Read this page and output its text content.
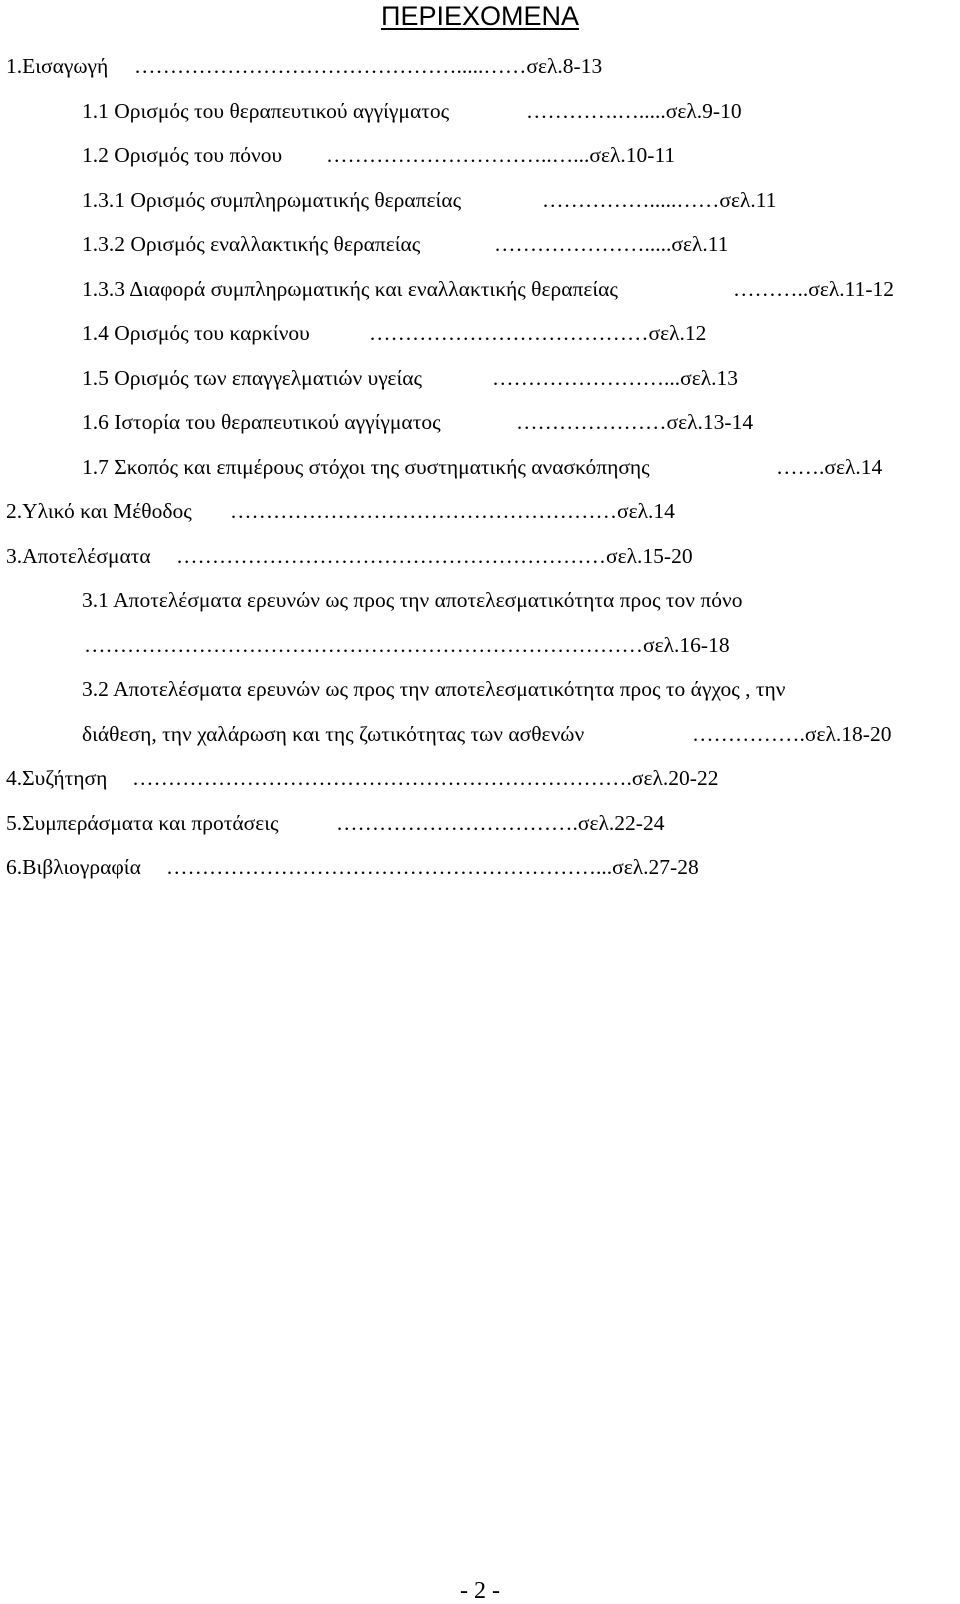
ΠΕΡΙΕΧΟΜΕΝΑ
1.Εισαγωγή ……………………………………….....……σελ.8-13
1.1 Ορισμός του θεραπευτικού αγγίγματος	………….….....σελ.9-10
1.2 Ορισμός του πόνου …………………………..…...σελ.10-11
1.3.1 Ορισμός συμπληρωματικής θεραπείας	…………….....……σελ.11
1.3.2 Ορισμός εναλλακτικής θεραπείας	………………….....σελ.11
1.3.3 Διαφορά συμπληρωματικής και εναλλακτικής θεραπείας	………..σελ.11-12
1.4 Ορισμός του καρκίνου	…………………………………σελ.12
1.5 Ορισμός των επαγγελματιών υγείας	……………………...σελ.13
1.6 Ιστορία του θεραπευτικού αγγίγματος	…………………σελ.13-14
1.7 Σκοπός και επιμέρους στόχοι της συστηματικής ανασκόπησης	…….σελ.14
2.Υλικό και Μέθοδος ………………………………………………σελ.14
3.Αποτελέσματα ……………………………………………………σελ.15-20
3.1 Αποτελέσματα ερευνών ως προς την αποτελεσματικότητα προς τον πόνο
……………………………………………………………………σελ.16-18
3.2 Αποτελέσματα ερευνών ως προς την αποτελεσματικότητα προς το άγχος , την
διάθεση, την χαλάρωση και της ζωτικότητας των ασθενών	…………….σελ.18-20
4.Συζήτηση …………………………………………………………….σελ.20-22
5.Συμπεράσματα και προτάσεις	…………………………….σελ.22-24
6.Βιβλιογραφία ……………………………………………………...σελ.27-28
- 2 -
